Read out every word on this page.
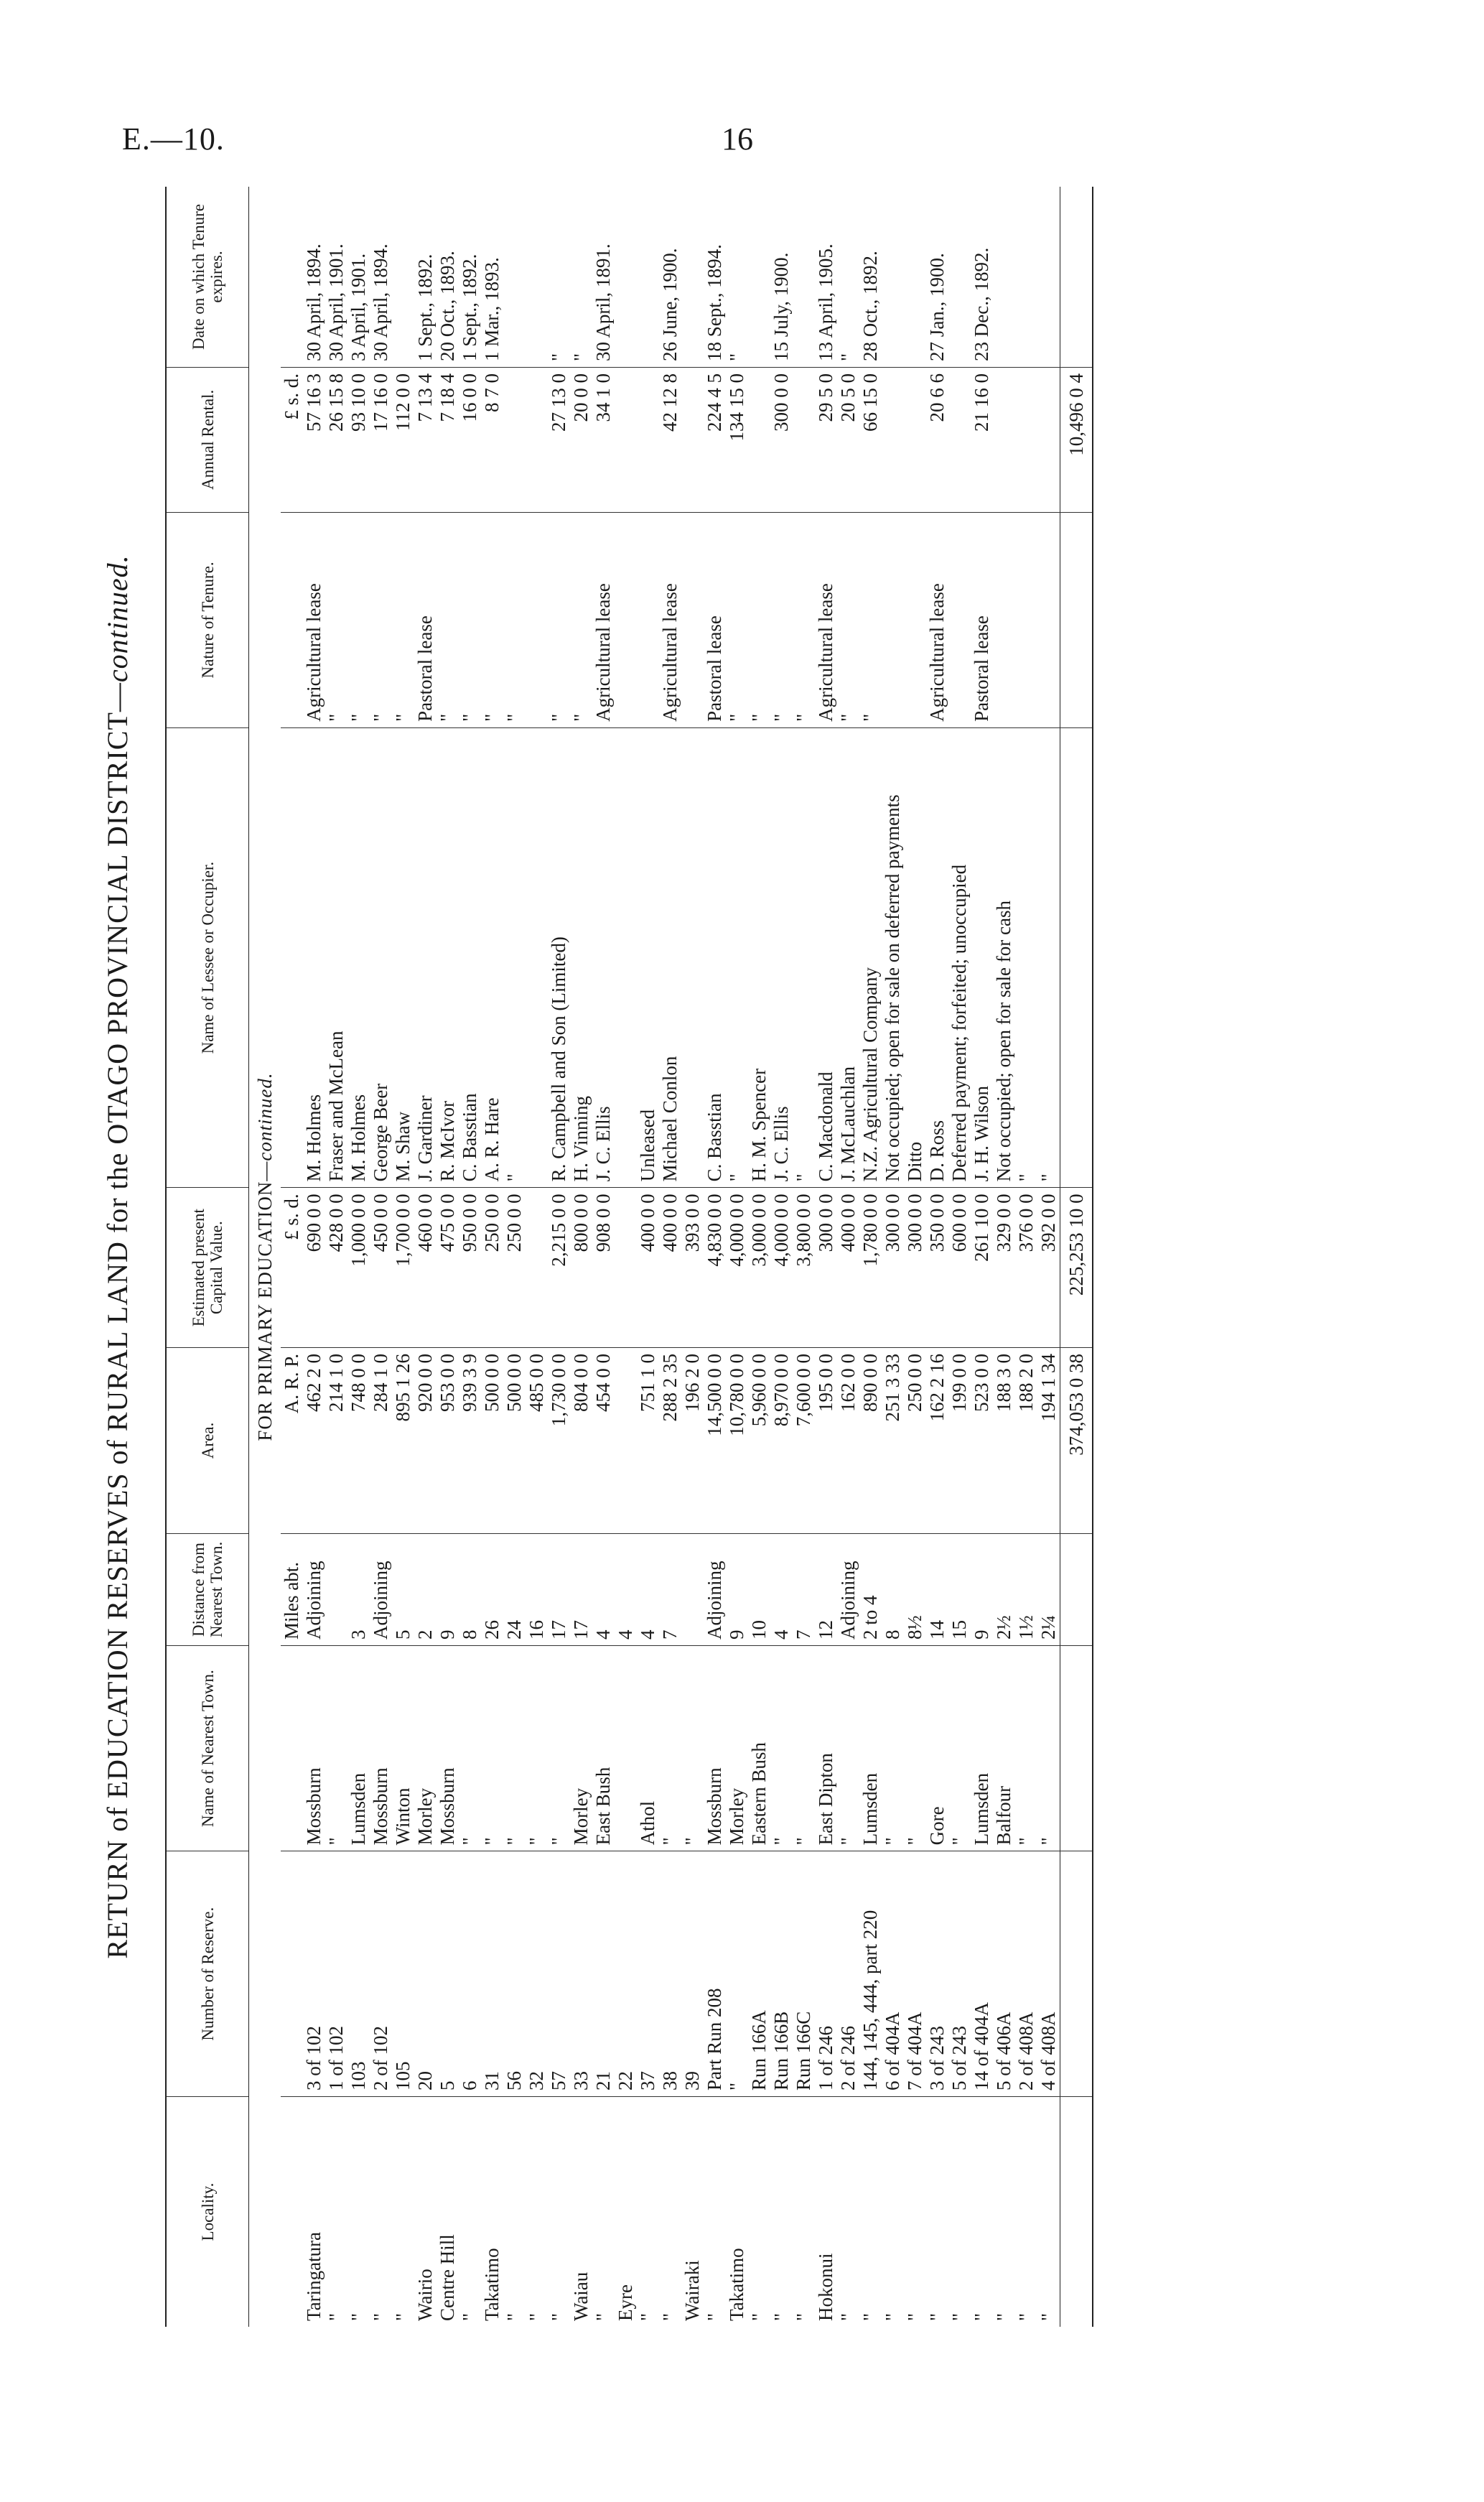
E.—10.	16
RETURN of EDUCATION RESERVES of RURAL LAND for the OTAGO PROVINCIAL DISTRICT—continued.
Locality.	Number of Reserve.	Name of Nearest Town.	Distance from Nearest Town.	Area.	Estimated present Capital Value.	Name of Lessee or Occupier.	Nature of Tenure.	Annual Rental.	Date on which Tenure expires.
FOR PRIMARY EDUCATION—continued.									
			Miles abt.	A. R. P.	£ s. d.			£ s. d.	
Taringatura	3 of 102	Mossburn	Adjoining	462 2 0	690 0 0	M. Holmes	Agricultural lease	57 16 3	30 April, 1894.
"	1 of 102	"		214 1 0	428 0 0	Fraser and McLean	"	26 15 8	30 April, 1901.
"	103	Lumsden	3	748 0 0	1,000 0 0	M. Holmes	"	93 10 0	3 April, 1901.
"	2 of 102	Mossburn	Adjoining	284 1 0	450 0 0	George Beer	"	17 16 0	30 April, 1894.
"	105	Winton	5	895 1 26	1,700 0 0	M. Shaw	"	112 0 0	
Wairio	20	Morley	2	920 0 0	460 0 0	J. Gardiner	Pastoral lease	7 13 4	1 Sept., 1892.
Centre Hill	5	Mossburn	9	953 0 0	475 0 0	R. McIvor	"	7 18 4	20 Oct., 1893.
"	6	"	8	939 3 9	950 0 0	C. Basstian	"	16 0 0	1 Sept., 1892.
Takatimo	31	"	26	500 0 0	250 0 0	A. R. Hare	"	8 7 0	1 Mar., 1893.
"	56	"	24	500 0 0	250 0 0	"	"		
"	32	"	16	485 0 0					
"	57	"	17	1,730 0 0	2,215 0 0	R. Campbell and Son (Limited)	"	27 13 0	"
Waiau	33	Morley	17	804 0 0	800 0 0	H. Vinning	"	20 0 0	"
"	21	East Bush	4	454 0 0	908 0 0	J. C. Ellis	Agricultural lease	34 1 0	30 April, 1891.
Eyre	22		4						
"	37	Athol	4	751 1 0	400 0 0	Unleased			
"	38	"	7	288 2 35	400 0 0	Michael Conlon	Agricultural lease	42 12 8	26 June, 1900.
Wairaki	39	"		196 2 0	393 0 0				
"	Part Run 208	Mossburn	Adjoining	14,500 0 0	4,830 0 0	C. Basstian	Pastoral lease	224 4 5	18 Sept., 1894.
Takatimo	"	Morley	9	10,780 0 0	4,000 0 0	"	"	134 15 0	"
"	Run 166A	Eastern Bush	10	5,960 0 0	3,000 0 0	H. M. Spencer	"		
"	Run 166B	"	4	8,970 0 0	4,000 0 0	J. C. Ellis	"	300 0 0	15 July, 1900.
"	Run 166C	"	7	7,600 0 0	3,800 0 0	"	"		
Hokonui	1 of 246	East Dipton	12	195 0 0	300 0 0	C. Macdonald	Agricultural lease	29 5 0	13 April, 1905.
"	2 of 246	"	Adjoining	162 0 0	400 0 0	J. McLauchlan	"	20 5 0	"
"	144, 145, 444, part 220	Lumsden	2 to 4	890 0 0	1,780 0 0	N.Z. Agricultural Company	"	66 15 0	28 Oct., 1892.
"	6 of 404A	"	8	251 3 33	300 0 0	Not occupied; open for sale on deferred payments			
"	7 of 404A	"	8½	250 0 0	300 0 0	Ditto			
"	3 of 243	Gore	14	162 2 16	350 0 0	D. Ross	Agricultural lease	20 6 6	27 Jan., 1900.
"	5 of 243	"	15	199 0 0	600 0 0	Deferred payment; forfeited; unoccupied			
"	14 of 404A	Lumsden	9	523 0 0	261 10 0	J. H. Wilson	Pastoral lease	21 16 0	23 Dec., 1892.
"	5 of 406A	Balfour	2½	188 3 0	329 0 0	Not occupied; open for sale for cash			
"	2 of 408A	"	1½	188 2 0	376 0 0	"			
"	4 of 408A	"	2¼	194 1 34	392 0 0	"			
				374,053 0 38	225,253 10 0			10,496 0 4	
